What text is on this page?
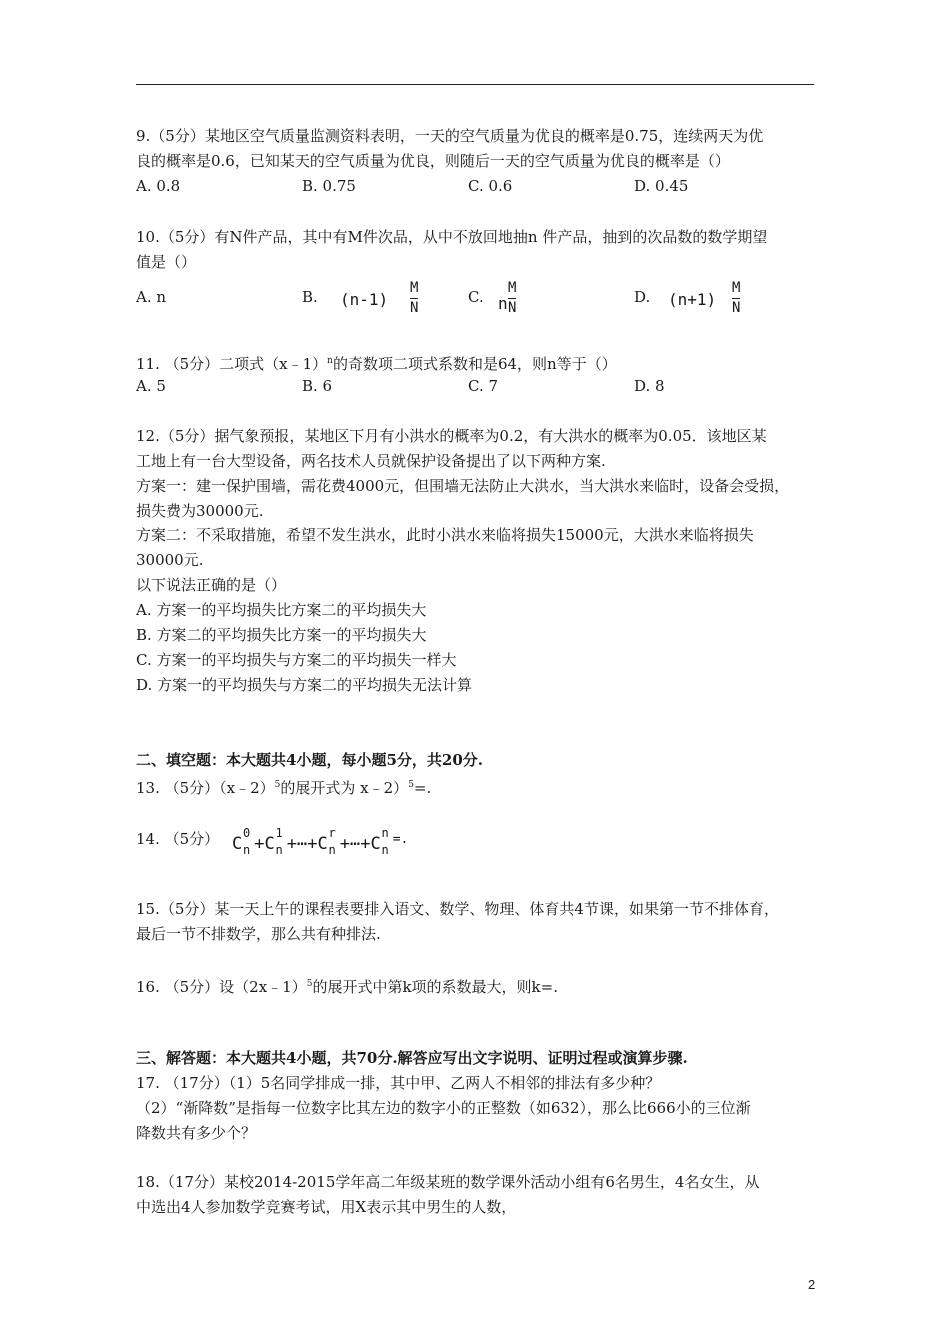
9.（5分）某地区空气质量监测资料表明，一天的空气质量为优良的概率是0.75，连续两天为优
良的概率是0.6，已知某天的空气质量为优良，则随后一天的空气质量为优良的概率是（）
A. 0.8	B. 0.75	C. 0.6	D. 0.45
10.（5分）有N件产品，其中有M件次品，从中不放回地抽n 件产品，抽到的次品数的数学期望
值是（）
A. n	B. (n-1)
M
N
C. n
M
N
D. (n+1)
M
N
11. （5分）二项式（x﹣1）$^n$的奇数项二项式系数和是64，则n等于（）
A. 5	B. 6	C. 7	D. 8
12.（5分）据气象预报，某地区下月有小洪水的概率为0.2，有大洪水的概率为0.05．该地区某
工地上有一台大型设备，两名技术人员就保护设备提出了以下两种方案.
方案一：建一保护围墙，需花费4000元，但围墙无法防止大洪水，当大洪水来临时，设备会受损，
损失费为30000元.
方案二：不采取措施，希望不发生洪水，此时小洪水来临将损失15000元，大洪水来临将损失
30000元.
以下说法正确的是（）
A. 方案一的平均损失比方案二的平均损失大
B. 方案二的平均损失比方案一的平均损失大
C. 方案一的平均损失与方案二的平均损失一样大
D. 方案一的平均损失与方案二的平均损失无法计算
二、填空题：本大题共4小题，每小题5分，共20分.
13. （5分）（x﹣2）$^5$的展开式为 x﹣2）$^5$=.
14. （5分） C
0
n +C
1
n +⋯+C
r
n +⋯+C
n
n
=.
15.（5分）某一天上午的课程表要排入语文、数学、物理、体育共4节课，如果第一节不排体育，
最后一节不排数学，那么共有种排法.
16. （5分）设（2x﹣1）$^5$的展开式中第k项的系数最大，则k=.
三、解答题：本大题共4小题，共70分.解答应写出文字说明、证明过程或演算步骤.
17. （17分）（1）5名同学排成一排，其中甲、乙两人不相邻的排法有多少种？
（2）“渐降数”是指每一位数字比其左边的数字小的正整数（如632），那么比666小的三位渐
降数共有多少个？
18.（17分）某校2014-2015学年高二年级某班的数学课外活动小组有6名男生，4名女生，从
中选出4人参加数学竞赛考试，用X表示其中男生的人数，
2
